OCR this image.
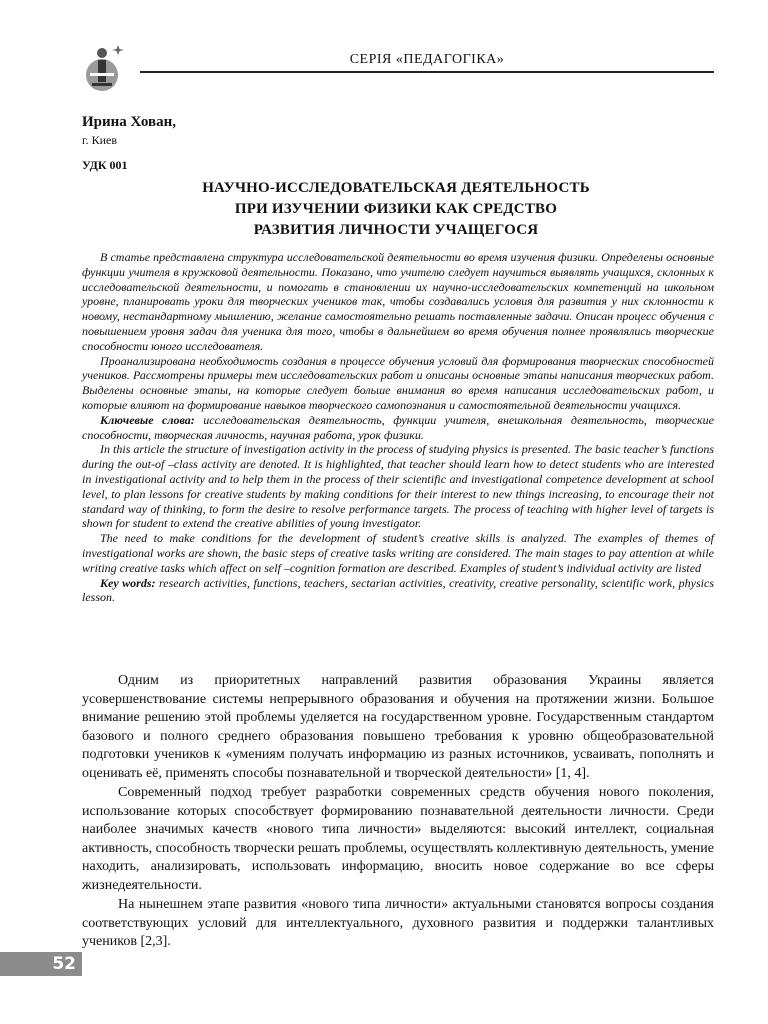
СЕРІЯ «ПЕДАГОГІКА»
Ирина Хован,
г. Киев
УДК 001
НАУЧНО-ИССЛЕДОВАТЕЛЬСКАЯ ДЕЯТЕЛЬНОСТЬ
ПРИ ИЗУЧЕНИИ ФИЗИКИ КАК СРЕДСТВО
РАЗВИТИЯ ЛИЧНОСТИ УЧАЩЕГОСЯ

В статье представлена структура исследовательской деятельности во время изучения физики. Определены основные функции учителя в кружковой деятельности. Показано, что учителю следует научиться выявлять учащихся, склонных к исследовательской деятельности, и помогать в становлении их научно-исследовательских компетенций на школьном уровне, планировать уроки для творческих учеников так, чтобы создавались условия для развития у них склонности к новому, нестандартному мышлению, желание самостоятельно решать поставленные задачи. Описан процесс обучения с повышением уровня задач для ученика для того, чтобы в дальнейшем во время обучения полнее проявлялись творческие способности юного исследователя.

Проанализирована необходимость создания в процессе обучения условий для формирования творческих способностей учеников. Рассмотрены примеры тем исследовательских работ и описаны основные этапы написания творческих работ. Выделены основные этапы, на которые следует больше внимания во время написания исследовательских работ, и которые влияют на формирование навыков творческого самопознания и самостоятельной деятельности учащихся.

Ключевые слова: исследовательская деятельность, функции учителя, внешкольная деятельность, творческие способности, творческая личность, научная работа, урок физики.

In this article the structure of investigation activity in the process of studying physics is presented. The basic teacher’s functions during the out-of –class activity are denoted. It is highlighted, that teacher should learn how to detect students who are interested in investigational activity and to help them in the process of their scientific and investigational competence development at school level, to plan lessons for creative students by making conditions for their interest to new things increasing, to encourage their not standard way of thinking, to form the desire to resolve performance targets. The process of teaching with higher level of targets is shown for student to extend the creative abilities of young investigator.

The need to make conditions for the development of student’s creative skills is analyzed. The examples of themes of investigational works are shown, the basic steps of creative tasks writing are considered. The main stages to pay attention at while writing creative tasks which affect on self –cognition formation are described. Examples of student’s individual activity are listed

Key words: research activities, functions, teachers, sectarian activities, creativity, creative personality, scientific work, physics lesson.

Одним из приоритетных направлений развития образования Украины является усовершенствование системы непрерывного образования и обучения на протяжении жизни. Большое внимание решению этой проблемы уделяется на государственном уровне. Государственным стандартом базового и полного среднего образования повышено требования к уровню общеобразовательной подготовки учеников к «умениям получать информацию из разных источников, усваивать, пополнять и оценивать её, применять способы познавательной и творческой деятельности» [1, 4].

Современный подход требует разработки современных средств обучения нового поколения, использование которых способствует формированию познавательной деятельности личности. Среди наиболее значимых качеств «нового типа личности» выделяются: высокий интеллект, социальная активность, способность творчески решать проблемы, осуществлять коллективную деятельность, умение находить, анализировать, использовать информацию, вносить новое содержание во все сферы жизнедеятельности.

На нынешнем этапе развития «нового типа личности» актуальными становятся вопросы создания соответствующих условий для интеллектуального, духовного развития и поддержки талантливых учеников [2,3].

52
